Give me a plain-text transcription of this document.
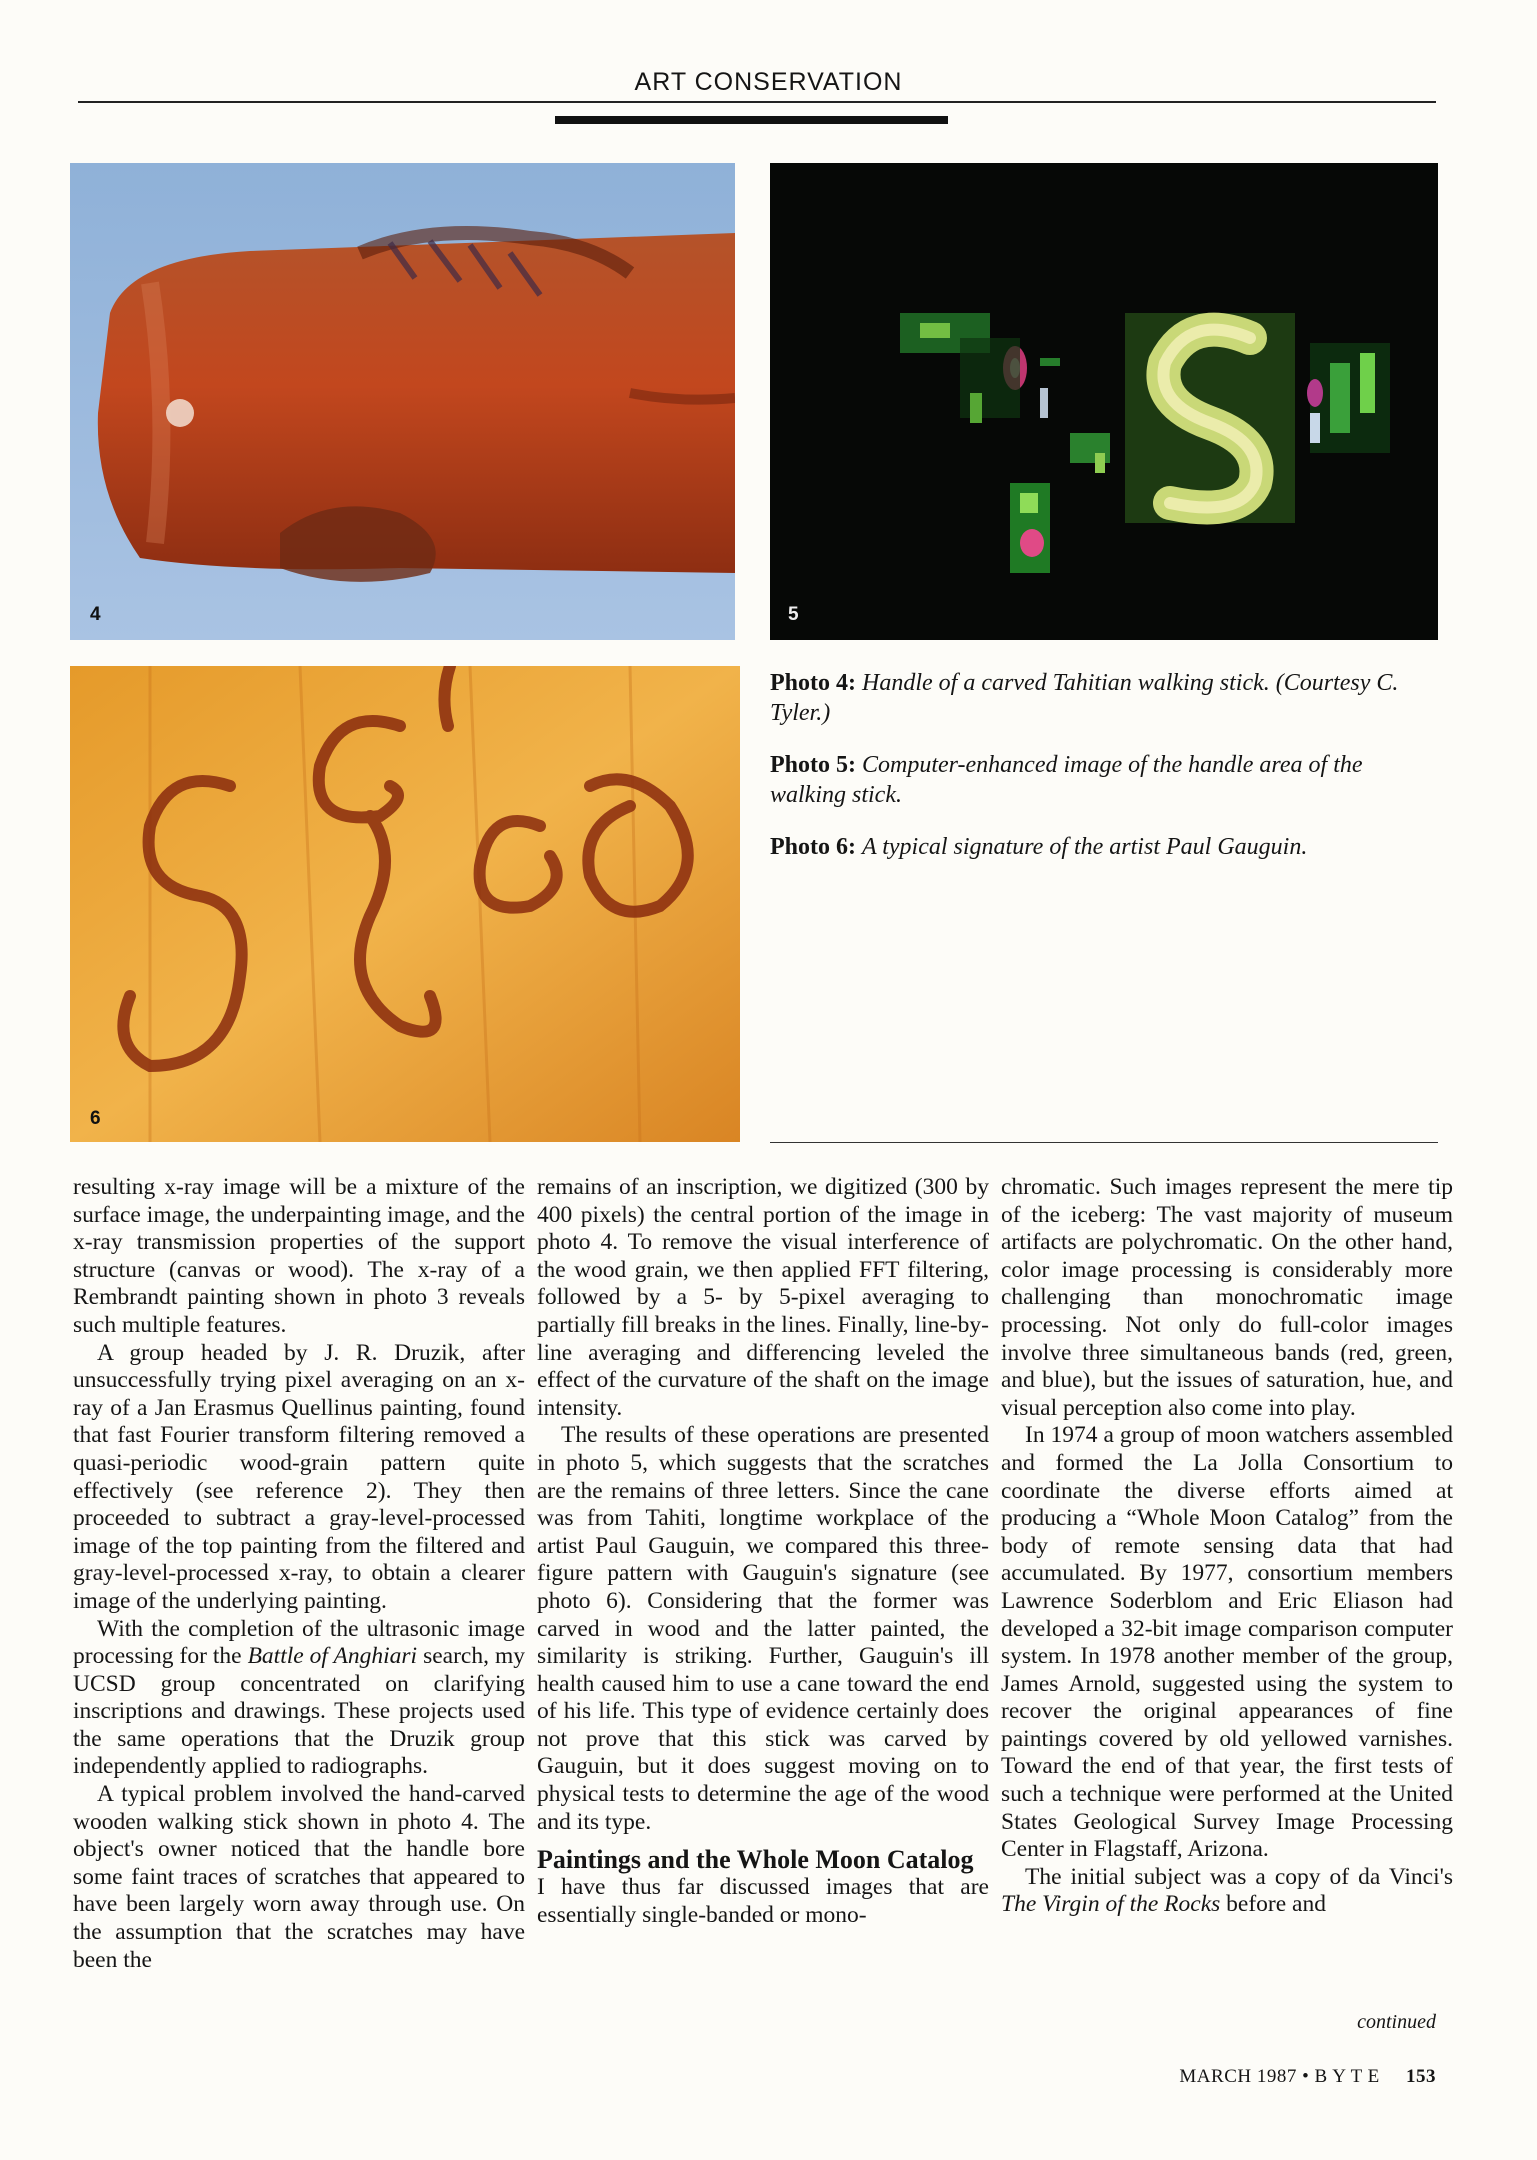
ART CONSERVATION
4	5
6

Photo 4: Handle of a carved Tahitian walking stick. (Courtesy C. Tyler.)

Photo 5: Computer-enhanced image of the handle area of the walking stick.

Photo 6: A typical signature of the artist Paul Gauguin.

resulting x-ray image will be a mixture of the surface image, the underpainting image, and the x-ray transmission properties of the support structure (canvas or wood). The x-ray of a Rembrandt painting shown in photo 3 reveals such multiple features.

A group headed by J. R. Druzik, after unsuccessfully trying pixel averaging on an x-ray of a Jan Erasmus Quellinus painting, found that fast Fourier transform filtering removed a quasi-periodic wood-grain pattern quite effectively (see reference 2). They then proceeded to subtract a gray-level-processed image of the top painting from the filtered and gray-level-processed x-ray, to obtain a clearer image of the underlying painting.

With the completion of the ultrasonic image processing for the Battle of Anghiari search, my UCSD group concentrated on clarifying inscriptions and drawings. These projects used the same operations that the Druzik group independently applied to radiographs.

A typical problem involved the hand-carved wooden walking stick shown in photo 4. The object's owner noticed that the handle bore some faint traces of scratches that appeared to have been largely worn away through use. On the assumption that the scratches may have been the

remains of an inscription, we digitized (300 by 400 pixels) the central portion of the image in photo 4. To remove the visual interference of the wood grain, we then applied FFT filtering, followed by a 5- by 5-pixel averaging to partially fill breaks in the lines. Finally, line-by-line averaging and differencing leveled the effect of the curvature of the shaft on the image intensity.

The results of these operations are presented in photo 5, which suggests that the scratches are the remains of three letters. Since the cane was from Tahiti, longtime workplace of the artist Paul Gauguin, we compared this three-figure pattern with Gauguin's signature (see photo 6). Considering that the former was carved in wood and the latter painted, the similarity is striking. Further, Gauguin's ill health caused him to use a cane toward the end of his life. This type of evidence certainly does not prove that this stick was carved by Gauguin, but it does suggest moving on to physical tests to determine the age of the wood and its type.

Paintings and the Whole Moon Catalog

I have thus far discussed images that are essentially single-banded or mono-

chromatic. Such images represent the mere tip of the iceberg: The vast majority of museum artifacts are polychromatic. On the other hand, color image processing is considerably more challenging than monochromatic image processing. Not only do full-color images involve three simultaneous bands (red, green, and blue), but the issues of saturation, hue, and visual perception also come into play.

In 1974 a group of moon watchers assembled and formed the La Jolla Consortium to coordinate the diverse efforts aimed at producing a “Whole Moon Catalog” from the body of remote sensing data that had accumulated. By 1977, consortium members Lawrence Soderblom and Eric Eliason had developed a 32-bit image comparison computer system. In 1978 another member of the group, James Arnold, suggested using the system to recover the original appearances of fine paintings covered by old yellowed varnishes. Toward the end of that year, the first tests of such a technique were performed at the United States Geological Survey Image Processing Center in Flagstaff, Arizona.

The initial subject was a copy of da Vinci's The Virgin of the Rocks before and

continued
MARCH 1987 • B Y T E 153
